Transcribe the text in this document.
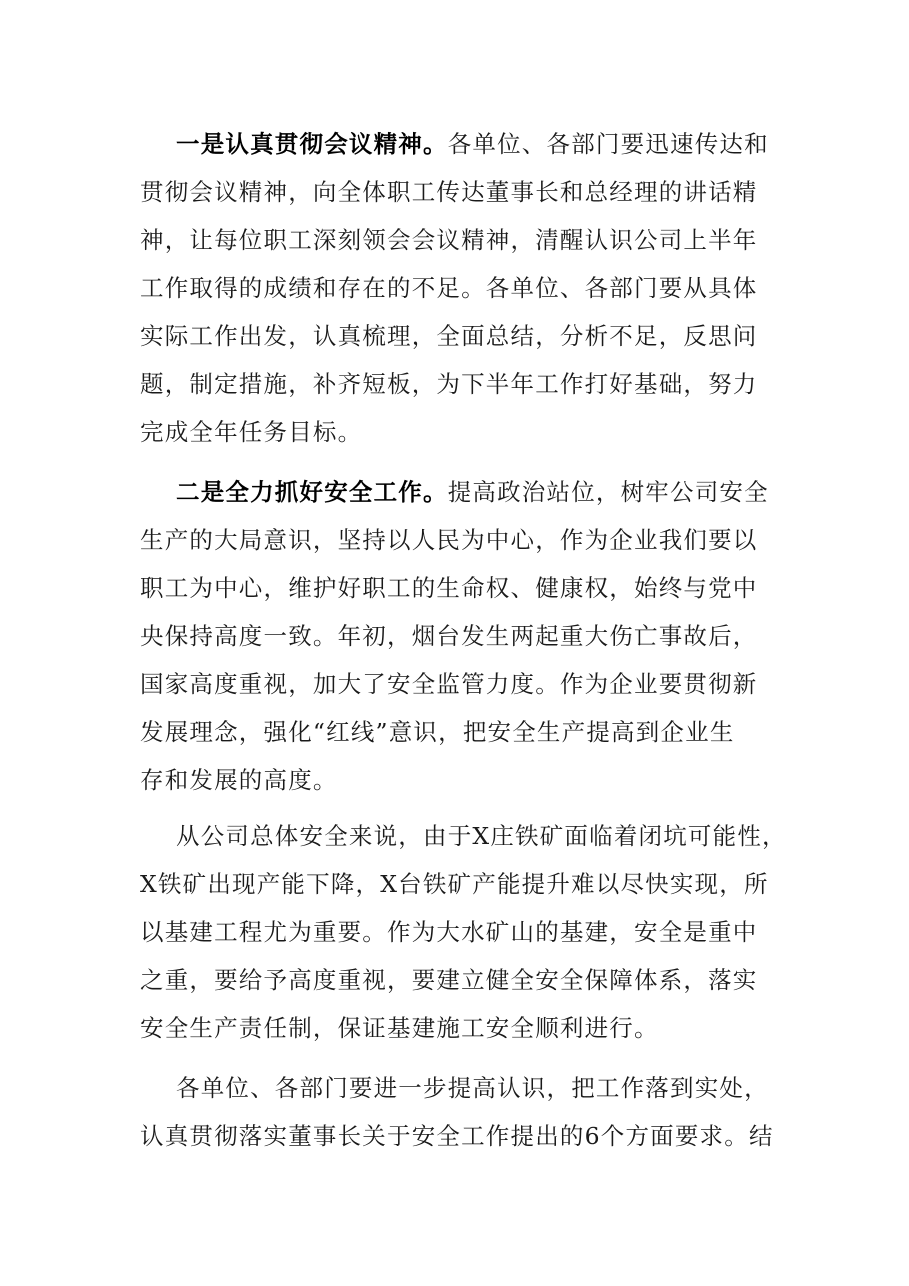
一是认真贯彻会议精神。各单位、各部门要迅速传达和

贯彻会议精神，向全体职工传达董事长和总经理的讲话精

神，让每位职工深刻领会会议精神，清醒认识公司上半年

工作取得的成绩和存在的不足。各单位、各部门要从具体

实际工作出发，认真梳理，全面总结，分析不足，反思问

题，制定措施，补齐短板，为下半年工作打好基础，努力

完成全年任务目标。

二是全力抓好安全工作。提高政治站位，树牢公司安全

生产的大局意识，坚持以人民为中心，作为企业我们要以

职工为中心，维护好职工的生命权、健康权，始终与党中

央保持高度一致。年初，烟台发生两起重大伤亡事故后，

国家高度重视，加大了安全监管力度。作为企业要贯彻新

发展理念，强化“红线”意识，把安全生产提高到企业生

存和发展的高度。

从公司总体安全来说，由于X庄铁矿面临着闭坑可能性，

X铁矿出现产能下降，X台铁矿产能提升难以尽快实现，所

以基建工程尤为重要。作为大水矿山的基建，安全是重中

之重，要给予高度重视，要建立健全安全保障体系，落实

安全生产责任制，保证基建施工安全顺利进行。

各单位、各部门要进一步提高认识，把工作落到实处，

认真贯彻落实董事长关于安全工作提出的6个方面要求。结
